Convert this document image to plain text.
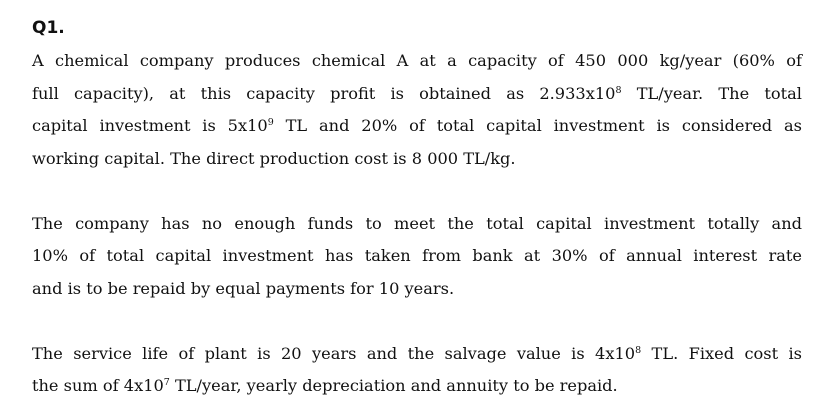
Q1.

A chemical company produces chemical A at a capacity of 450 000 kg/year (60% of
full capacity), at this capacity profit is obtained as $2.933x10^8$ TL/year. The total
capital investment is $5x10^9$ TL and 20% of total capital investment is considered as
working capital. The direct production cost is 8 000 TL/kg.

The company has no enough funds to meet the total capital investment totally and
10% of total capital investment has taken from bank at 30% of annual interest rate
and is to be repaid by equal payments for 10 years.

The service life of plant is 20 years and the salvage value is $4x10^8$ TL. Fixed cost is
the sum of $4x10^7$ TL/year, yearly depreciation and annuity to be repaid.
